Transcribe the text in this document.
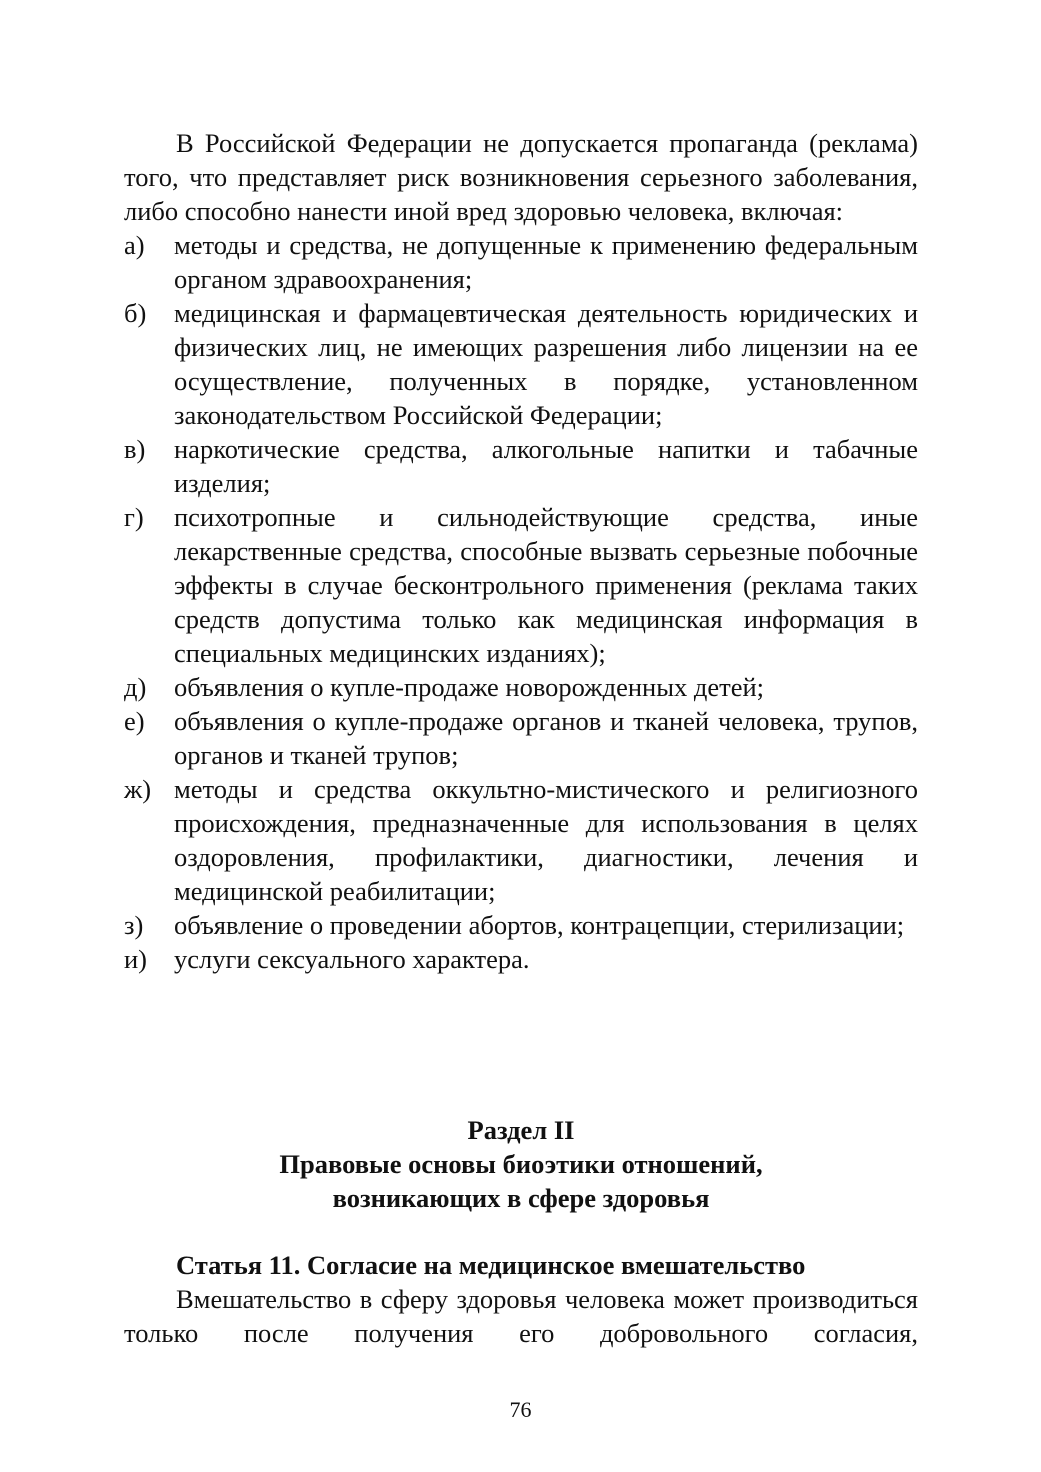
В Российской Федерации не допускается пропаганда (реклама) того, что представляет риск возникновения серьезного заболевания, либо способно нанести иной вред здоровью человека, включая:

а)	методы и средства, не допущенные к применению федеральным органом здравоохранения;
б)	медицинская и фармацевтическая деятельность юридических и физических лиц, не имеющих разрешения либо лицензии на ее осуществление, полученных в порядке, установленном законодательством Российской Федерации;
в)	наркотические средства, алкогольные напитки и табачные изделия;
г)	психотропные и сильнодействующие средства, иные лекарственные средства, способные вызвать серьезные побочные эффекты в случае бесконтрольного применения (реклама таких средств допустима только как медицинская информация в специальных медицинских изданиях);
д)	объявления о купле-продаже новорожденных детей;
е)	объявления о купле-продаже органов и тканей человека, трупов, органов и тканей трупов;
ж) методы и средства оккультно-мистического и религиозного происхождения, предназначенные для использования в целях оздоровления, профилактики, диагностики, лечения и медицинской реабилитации;
з)	объявление о проведении абортов, контрацепции, стерилизации;
и)	услуги сексуального характера.
Раздел II
Правовые основы биоэтики отношений,
возникающих в сфере здоровья

Статья 11. Согласие на медицинское вмешательство

Вмешательство в сферу здоровья человека может производиться только после получения его добровольного согласия,

76
